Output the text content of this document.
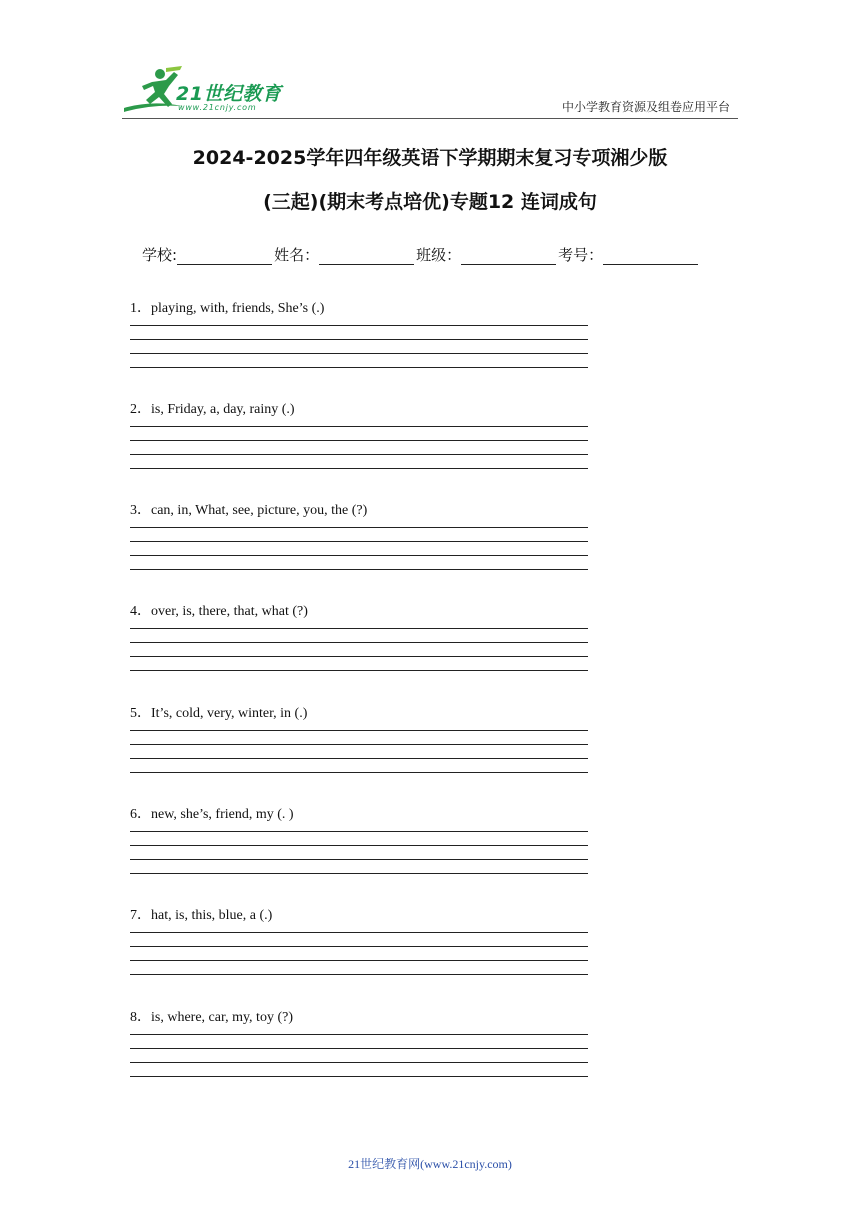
21世纪教育
www.21cnjy.com	中小学教育资源及组卷应用平台
2024-2025学年四年级英语下学期期末复习专项湘少版
(三起)(期末考点培优)专题12 连词成句
学校:	姓名：	班级：	考号：
1．playing, with, friends, She’s (.)
2．is, Friday, a, day, rainy (.)
3．can, in, What, see, picture, you, the (?)
4．over, is, there, that, what (?)
5．It’s, cold, very, winter, in (.)
6．new, she’s, friend, my (. )
7．hat, is, this, blue, a (.)
8．is, where, car, my, toy (?)
21世纪教育网(www.21cnjy.com)
